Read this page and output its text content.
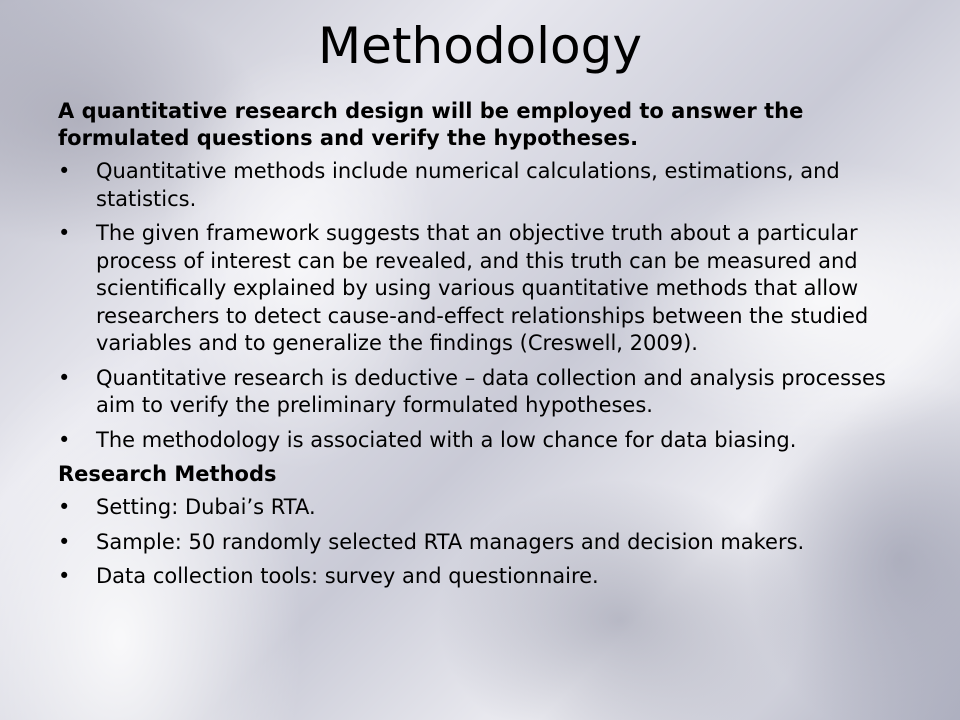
Methodology

A quantitative research design will be employed to answer the formulated questions and verify the hypotheses.

•	Quantitative methods include numerical calculations, estimations, and statistics.
•	The given framework suggests that an objective truth about a particular process of interest can be revealed, and this truth can be measured and scientifically explained by using various quantitative methods that allow researchers to detect cause-and-effect relationships between the studied variables and to generalize the findings (Creswell, 2009).
•	Quantitative research is deductive – data collection and analysis processes aim to verify the preliminary formulated hypotheses.
•	The methodology is associated with a low chance for data biasing.

Research Methods

•	Setting: Dubai’s RTA.
•	Sample: 50 randomly selected RTA managers and decision makers.
•	Data collection tools: survey and questionnaire.
